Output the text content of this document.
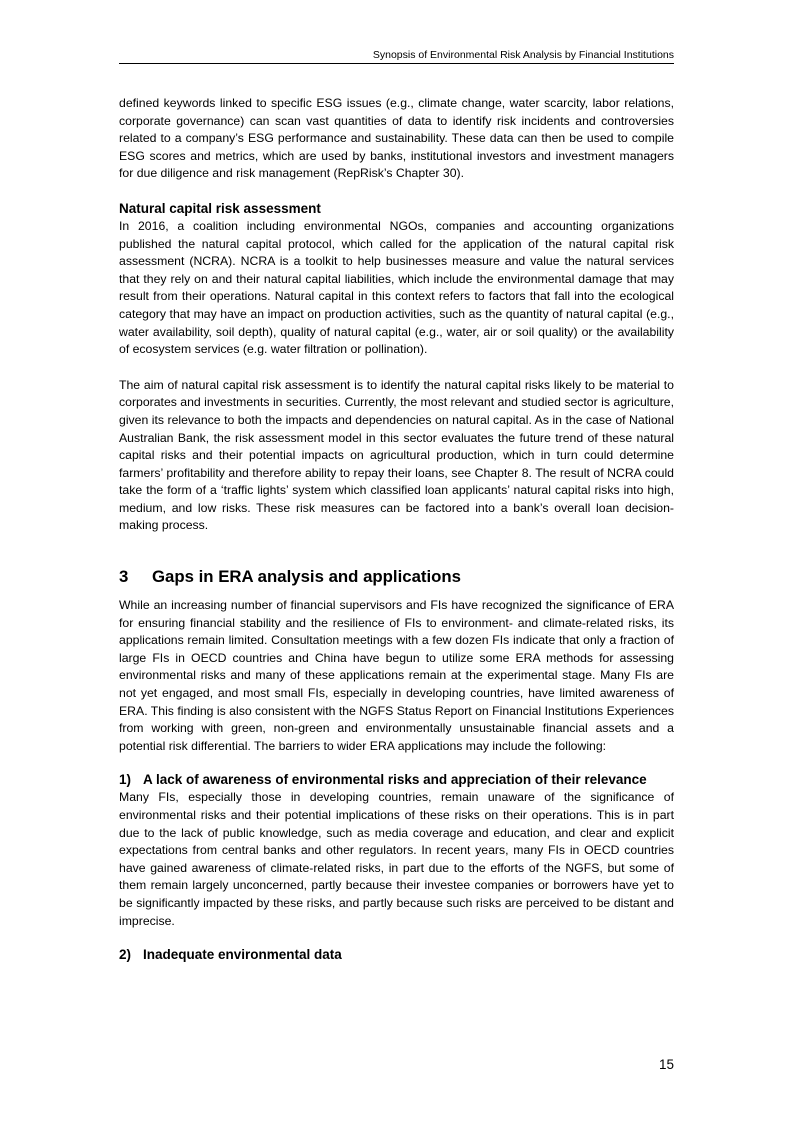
Synopsis of Environmental Risk Analysis by Financial Institutions

defined keywords linked to specific ESG issues (e.g., climate change, water scarcity, labor relations, corporate governance) can scan vast quantities of data to identify risk incidents and controversies related to a company’s ESG performance and sustainability. These data can then be used to compile ESG scores and metrics, which are used by banks, institutional investors and investment managers for due diligence and risk management (RepRisk’s Chapter 30).

Natural capital risk assessment

In 2016, a coalition including environmental NGOs, companies and accounting organizations published the natural capital protocol, which called for the application of the natural capital risk assessment (NCRA). NCRA is a toolkit to help businesses measure and value the natural services that they rely on and their natural capital liabilities, which include the environmental damage that may result from their operations. Natural capital in this context refers to factors that fall into the ecological category that may have an impact on production activities, such as the quantity of natural capital (e.g., water availability, soil depth), quality of natural capital (e.g., water, air or soil quality) or the availability of ecosystem services (e.g. water filtration or pollination).

The aim of natural capital risk assessment is to identify the natural capital risks likely to be material to corporates and investments in securities. Currently, the most relevant and studied sector is agriculture, given its relevance to both the impacts and dependencies on natural capital. As in the case of National Australian Bank, the risk assessment model in this sector evaluates the future trend of these natural capital risks and their potential impacts on agricultural production, which in turn could determine farmers’ profitability and therefore ability to repay their loans, see Chapter 8. The result of NCRA could take the form of a ‘traffic lights’ system which classified loan applicants’ natural capital risks into high, medium, and low risks. These risk measures can be factored into a bank’s overall loan decision-making process.

3	Gaps in ERA analysis and applications

While an increasing number of financial supervisors and FIs have recognized the significance of ERA for ensuring financial stability and the resilience of FIs to environment- and climate-related risks, its applications remain limited. Consultation meetings with a few dozen FIs indicate that only a fraction of large FIs in OECD countries and China have begun to utilize some ERA methods for assessing environmental risks and many of these applications remain at the experimental stage. Many FIs are not yet engaged, and most small FIs, especially in developing countries, have limited awareness of ERA. This finding is also consistent with the NGFS Status Report on Financial Institutions Experiences from working with green, non-green and environmentally unsustainable financial assets and a potential risk differential. The barriers to wider ERA applications may include the following:

1) A lack of awareness of environmental risks and appreciation of their relevance

Many FIs, especially those in developing countries, remain unaware of the significance of environmental risks and their potential implications of these risks on their operations. This is in part due to the lack of public knowledge, such as media coverage and education, and clear and explicit expectations from central banks and other regulators. In recent years, many FIs in OECD countries have gained awareness of climate-related risks, in part due to the efforts of the NGFS, but some of them remain largely unconcerned, partly because their investee companies or borrowers have yet to be significantly impacted by these risks, and partly because such risks are perceived to be distant and imprecise.

2) Inadequate environmental data
15
